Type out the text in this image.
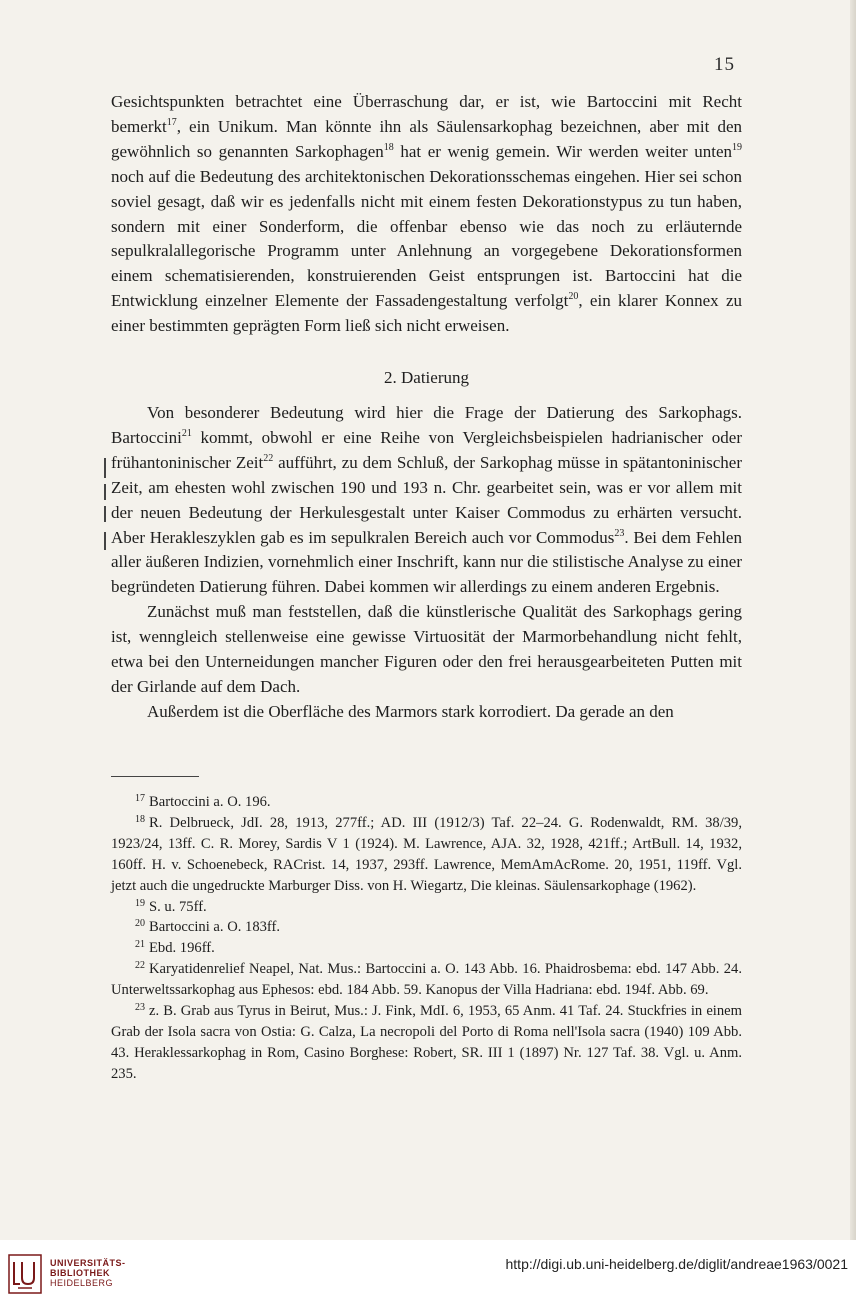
15

Gesichtspunkten betrachtet eine Überraschung dar, er ist, wie Bartoccini mit Recht bemerkt$^{17}$, ein Unikum. Man könnte ihn als Säulensarkophag bezeichnen, aber mit den gewöhnlich so genannten Sarkophagen$^{18}$ hat er wenig gemein. Wir werden weiter unten$^{19}$ noch auf die Bedeutung des architektonischen Dekorationsschemas eingehen. Hier sei schon soviel gesagt, daß wir es jedenfalls nicht mit einem festen Dekorationstypus zu tun haben, sondern mit einer Sonderform, die offenbar ebenso wie das noch zu erläuternde sepulkralallegorische Programm unter Anlehnung an vorgegebene Dekorationsformen einem schematisierenden, konstruierenden Geist entsprungen ist. Bartoccini hat die Entwicklung einzelner Elemente der Fassadengestaltung verfolgt$^{20}$, ein klarer Konnex zu einer bestimmten geprägten Form ließ sich nicht erweisen.

2. Datierung

Von besonderer Bedeutung wird hier die Frage der Datierung des Sarkophags. Bartoccini$^{21}$ kommt, obwohl er eine Reihe von Vergleichsbeispielen hadrianischer oder frühantoninischer Zeit$^{22}$ aufführt, zu dem Schluß, der Sarkophag müsse in spätantoninischer Zeit, am ehesten wohl zwischen 190 und 193 n. Chr. gearbeitet sein, was er vor allem mit der neuen Bedeutung der Herkulesgestalt unter Kaiser Commodus zu erhärten versucht. Aber Herakleszyklen gab es im sepulkralen Bereich auch vor Commodus$^{23}$. Bei dem Fehlen aller äußeren Indizien, vornehmlich einer Inschrift, kann nur die stilistische Analyse zu einer begründeten Datierung führen. Dabei kommen wir allerdings zu einem anderen Ergebnis.

Zunächst muß man feststellen, daß die künstlerische Qualität des Sarkophags gering ist, wenngleich stellenweise eine gewisse Virtuosität der Marmorbehandlung nicht fehlt, etwa bei den Unterneidungen mancher Figuren oder den frei herausgearbeiteten Putten mit der Girlande auf dem Dach.

Außerdem ist die Oberfläche des Marmors stark korrodiert. Da gerade an den

$^{17}$ Bartoccini a. O. 196.

$^{18}$ R. Delbrueck, JdI. 28, 1913, 277ff.; AD. III (1912/3) Taf. 22–24. G. Rodenwaldt, RM. 38/39, 1923/24, 13ff. C. R. Morey, Sardis V 1 (1924). M. Lawrence, AJA. 32, 1928, 421ff.; ArtBull. 14, 1932, 160ff. H. v. Schoenebeck, RACrist. 14, 1937, 293ff. Lawrence, MemAmAcRome. 20, 1951, 119ff. Vgl. jetzt auch die ungedruckte Marburger Diss. von H. Wiegartz, Die kleinas. Säulensarkophage (1962).

$^{19}$ S. u. 75ff.

$^{20}$ Bartoccini a. O. 183ff.

$^{21}$ Ebd. 196ff.

$^{22}$ Karyatidenrelief Neapel, Nat. Mus.: Bartoccini a. O. 143 Abb. 16. Phaidrosbema: ebd. 147 Abb. 24. Unterweltssarkophag aus Ephesos: ebd. 184 Abb. 59. Kanopus der Villa Hadriana: ebd. 194f. Abb. 69.

$^{23}$ z. B. Grab aus Tyrus in Beirut, Mus.: J. Fink, MdI. 6, 1953, 65 Anm. 41 Taf. 24. Stuckfries in einem Grab der Isola sacra von Ostia: G. Calza, La necropoli del Porto di Roma nell'Isola sacra (1940) 109 Abb. 43. Heraklessarkophag in Rom, Casino Borghese: Robert, SR. III 1 (1897) Nr. 127 Taf. 38. Vgl. u. Anm. 235.

UNIVERSITÄTS-
BIBLIOTHEK
HEIDELBERG
http://digi.ub.uni-heidelberg.de/diglit/andreae1963/0021
